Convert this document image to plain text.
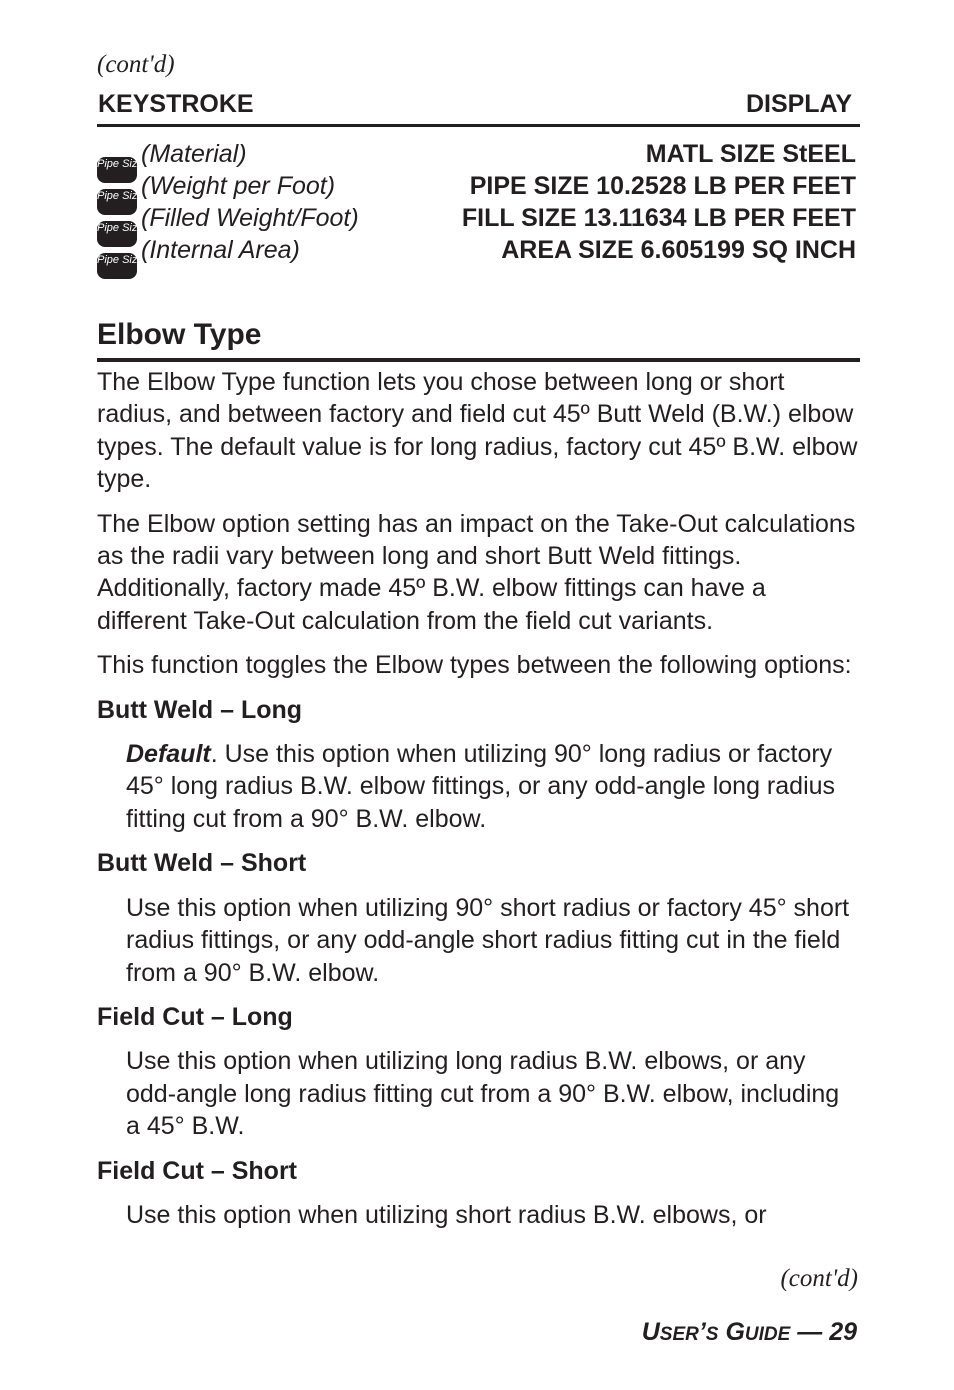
(cont'd)
KEYSTROKE	DISPLAY
Pipe Size(Material)	MATL SIZE StEEL
Pipe Size(Weight per Foot)	PIPE SIZE 10.2528 LB PER FEET
Pipe Size(Filled Weight/Foot)	FILL SIZE 13.11634 LB PER FEET
Pipe Size(Internal Area)	AREA SIZE 6.605199 SQ INCH
Elbow Type

The Elbow Type function lets you chose between long or short radius, and between factory and field cut 45º Butt Weld (B.W.) elbow types. The default value is for long radius, factory cut 45º B.W. elbow type.

The Elbow option setting has an impact on the Take-Out calculations as the radii vary between long and short Butt Weld fittings. Additionally, factory made 45º B.W. elbow fittings can have a different Take-Out calculation from the field cut variants.

This function toggles the Elbow types between the following options:

Butt Weld – Long
Default. Use this option when utilizing 90° long radius or factory 45° long radius B.W. elbow fittings, or any odd-angle long radius fitting cut from a 90° B.W. elbow.
Butt Weld – Short
Use this option when utilizing 90° short radius or factory 45° short radius fittings, or any odd-angle short radius fitting cut in the field from a 90° B.W. elbow.
Field Cut – Long
Use this option when utilizing long radius B.W. elbows, or any odd-angle long radius fitting cut from a 90° B.W. elbow, including a 45° B.W.
Field Cut – Short
Use this option when utilizing short radius B.W. elbows, or
(cont'd)
USER’S GUIDE — 29
